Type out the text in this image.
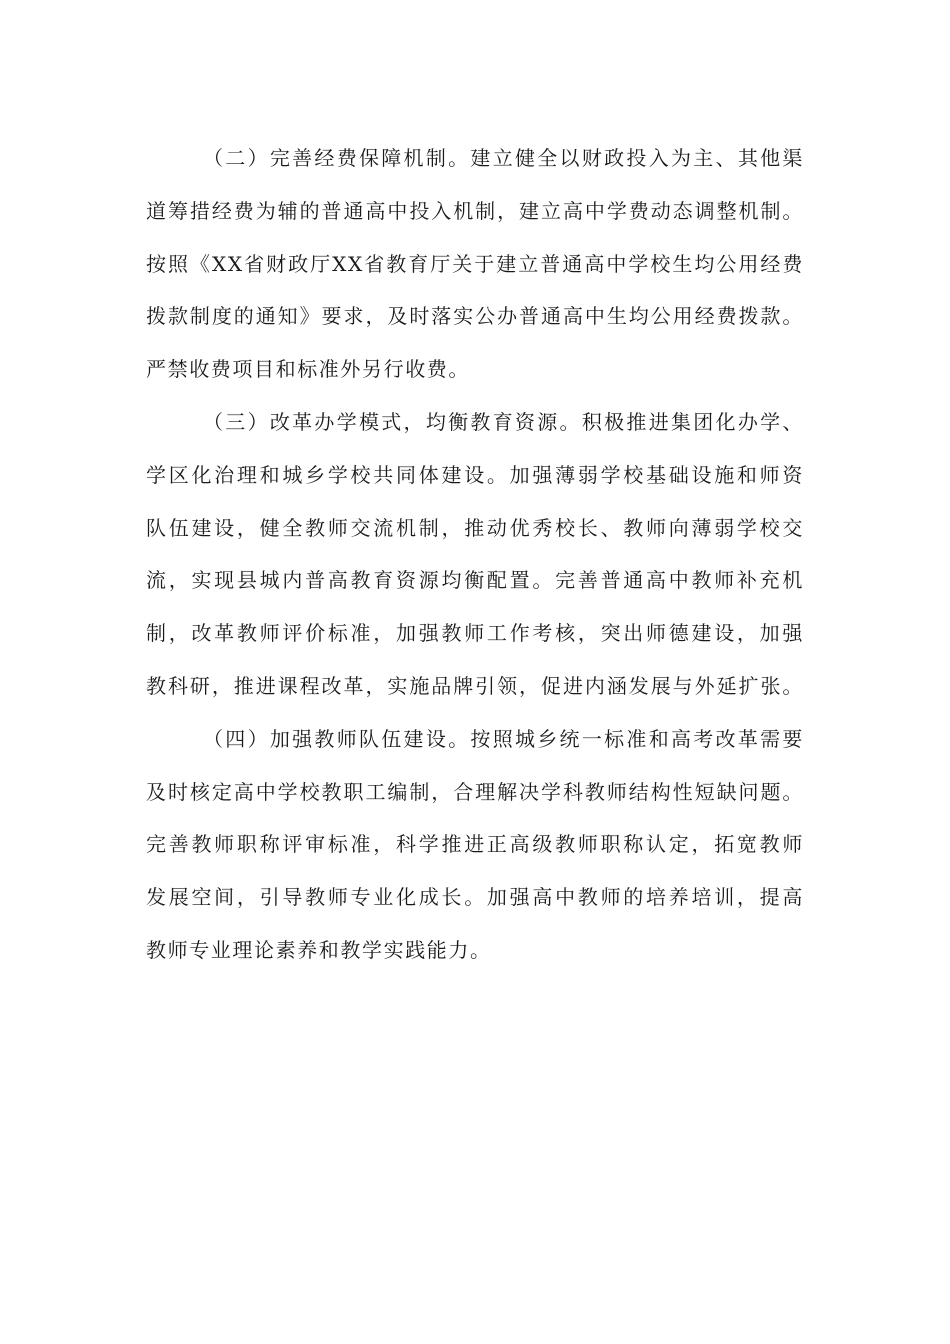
（二）完善经费保障机制。建立健全以财政投入为主、其他渠
道筹措经费为辅的普通高中投入机制，建立高中学费动态调整机制。
按照《XX省财政厅XX省教育厅关于建立普通高中学校生均公用经费
拨款制度的通知》要求，及时落实公办普通高中生均公用经费拨款。
严禁收费项目和标准外另行收费。
（三）改革办学模式，均衡教育资源。积极推进集团化办学、
学区化治理和城乡学校共同体建设。加强薄弱学校基础设施和师资
队伍建设，健全教师交流机制，推动优秀校长、教师向薄弱学校交
流，实现县城内普高教育资源均衡配置。完善普通高中教师补充机
制，改革教师评价标准，加强教师工作考核，突出师德建设，加强
教科研，推进课程改革，实施品牌引领，促进内涵发展与外延扩张。
（四）加强教师队伍建设。按照城乡统一标准和高考改革需要
及时核定高中学校教职工编制，合理解决学科教师结构性短缺问题。
完善教师职称评审标准，科学推进正高级教师职称认定，拓宽教师
发展空间，引导教师专业化成长。加强高中教师的培养培训，提高
教师专业理论素养和教学实践能力。
